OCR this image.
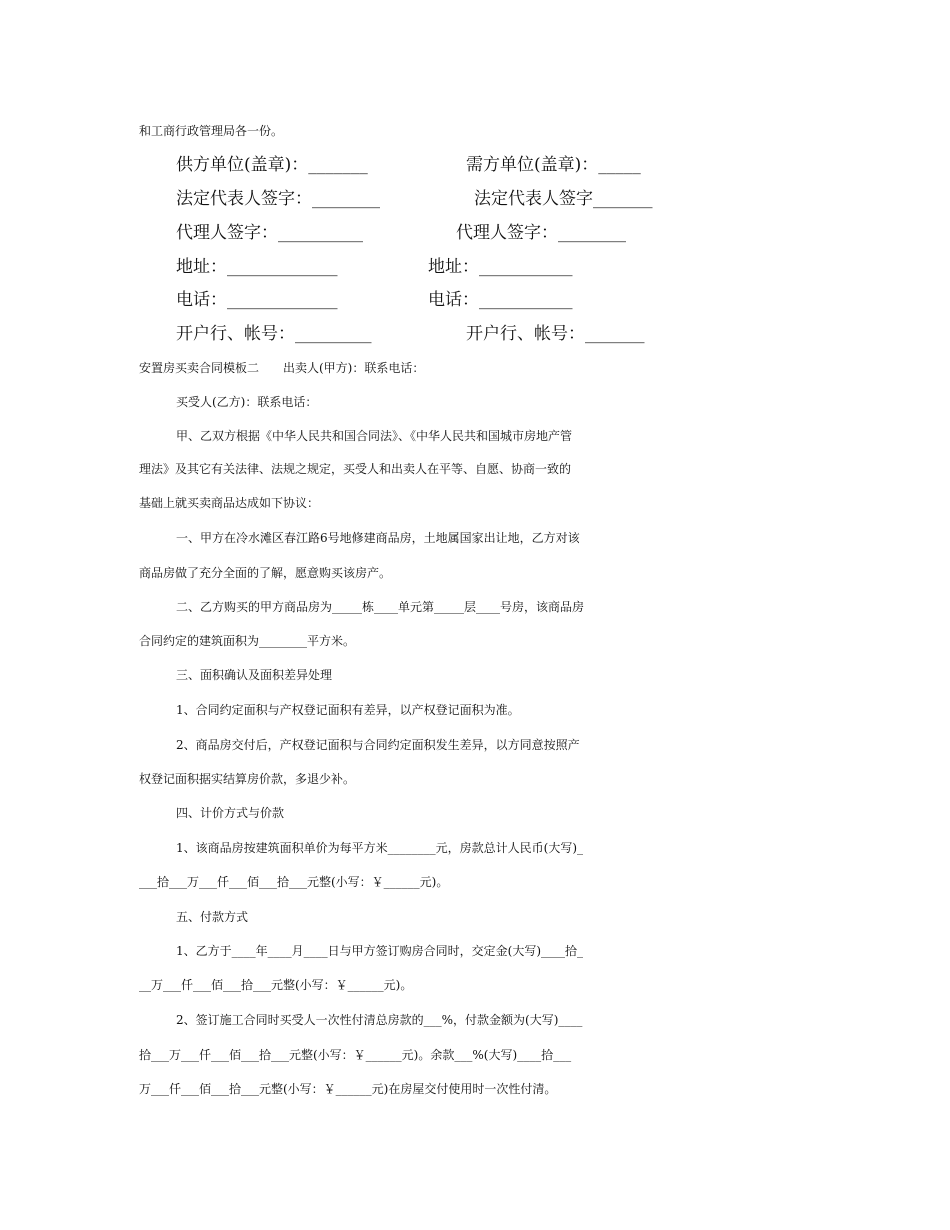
和工商行政管理局各一份。
供方单位(盖章)：_______	需方单位(盖章)：_____
法定代表人签字：________	法定代表人签字_______
代理人签字：__________	代理人签字：________
地址：_____________	地址：___________
电话：_____________	电话：___________
开户行、帐号：_________	开户行、帐号：_______
安置房买卖合同模板二　　出卖人(甲方)：联系电话：
买受人(乙方)：联系电话：
甲、乙双方根据《中华人民共和国合同法》、《中华人民共和国城市房地产管
理法》及其它有关法律、法规之规定，买受人和出卖人在平等、自愿、协商一致的
基础上就买卖商品达成如下协议：
一、甲方在冷水滩区春江路6号地修建商品房，土地属国家出让地，乙方对该
商品房做了充分全面的了解，愿意购买该房产。
二、乙方购买的甲方商品房为_____栋____单元第_____层____号房，该商品房
合同约定的建筑面积为________平方米。
三、面积确认及面积差异处理
1、合同约定面积与产权登记面积有差异，以产权登记面积为准。
2、商品房交付后，产权登记面积与合同约定面积发生差异，以方同意按照产
权登记面积据实结算房价款，多退少补。
四、计价方式与价款
1、该商品房按建筑面积单价为每平方米________元，房款总计人民币(大写)_
___拾___万___仟___佰___拾___元整(小写：￥______元)。
五、付款方式
1、乙方于____年____月____日与甲方签订购房合同时，交定金(大写)____拾_
__万___仟___佰___拾___元整(小写：￥______元)。
2、签订施工合同时买受人一次性付清总房款的___%，付款金额为(大写)____
拾___万___仟___佰___拾___元整(小写：￥______元)。余款___%(大写)____拾___
万___仟___佰___拾___元整(小写：￥______元)在房屋交付使用时一次性付清。
